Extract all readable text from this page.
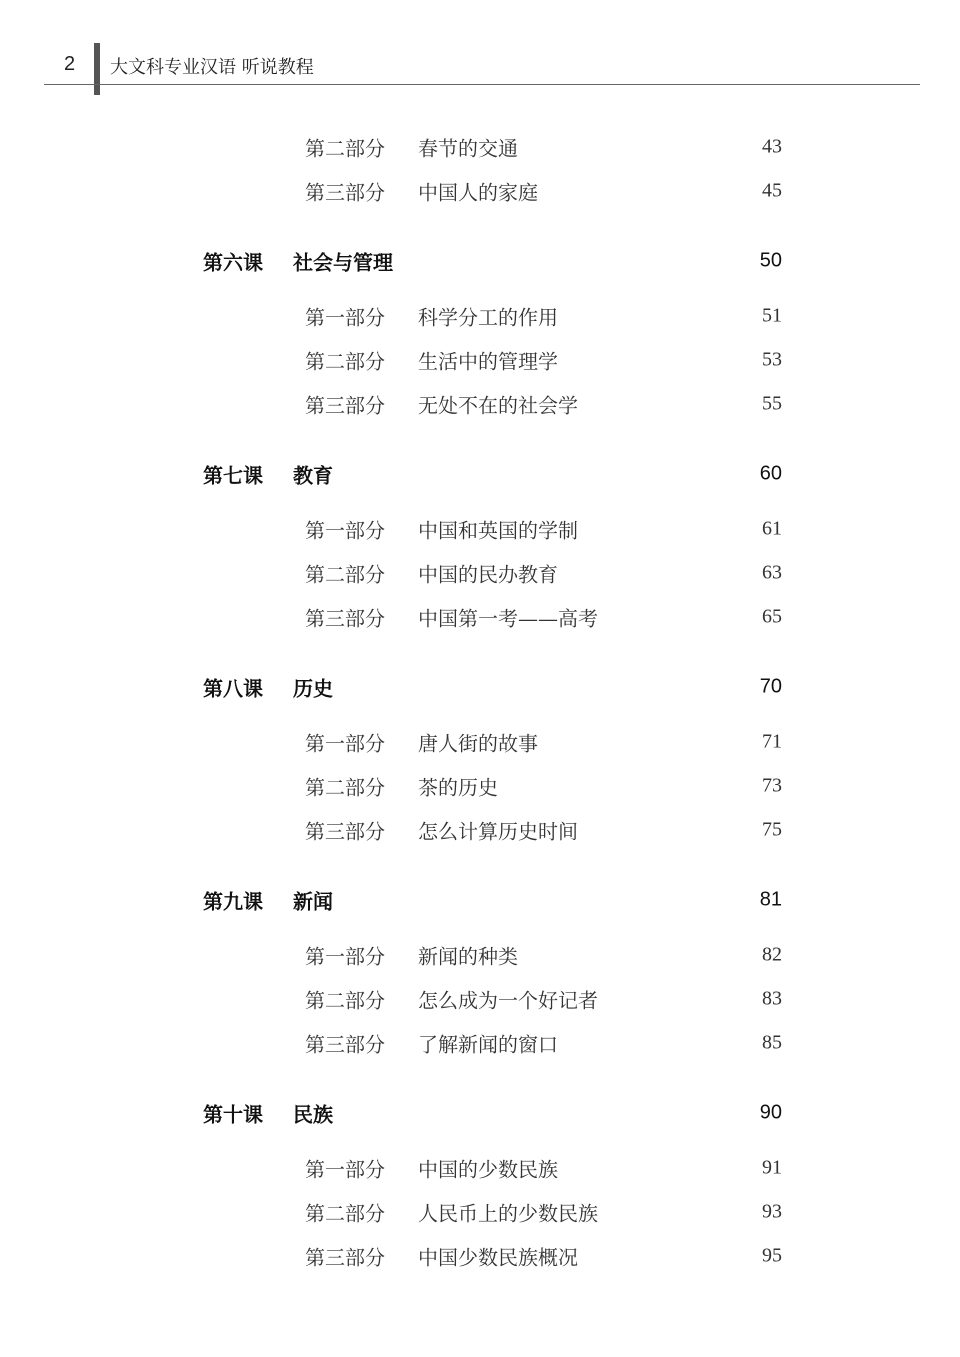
2 大文科专业汉语 听说教程
第二部分 春节的交通	43
第三部分 中国人的家庭	45
第六课 社会与管理	50
第一部分 科学分工的作用	51
第二部分 生活中的管理学	53
第三部分 无处不在的社会学	55
第七课 教育	60
第一部分 中国和英国的学制	61
第二部分 中国的民办教育	63
第三部分 中国第一考——高考	65
第八课 历史	70
第一部分 唐人街的故事	71
第二部分 茶的历史	73
第三部分 怎么计算历史时间	75
第九课 新闻	81
第一部分 新闻的种类	82
第二部分 怎么成为一个好记者	83
第三部分 了解新闻的窗口	85
第十课 民族	90
第一部分 中国的少数民族	91
第二部分 人民币上的少数民族	93
第三部分 中国少数民族概况	95
